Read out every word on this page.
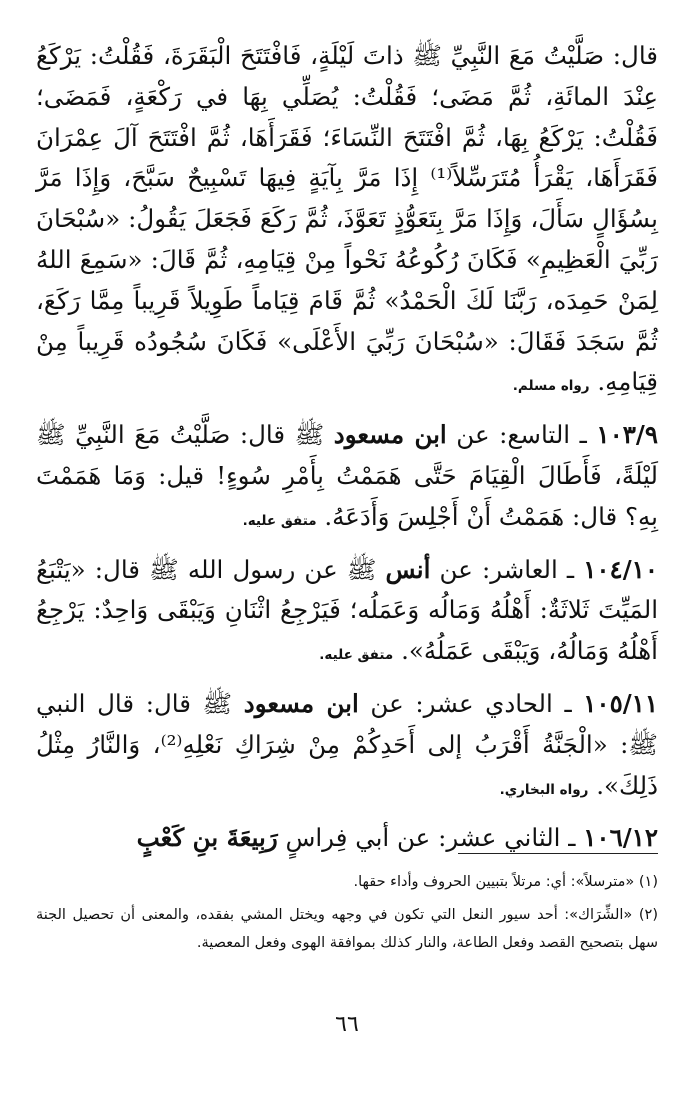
قال: صَلَّيْتُ مَعَ النَّبِيِّ ﷺ ذاتَ لَيْلَةٍ، فَافْتَتَحَ الْبَقَرَةَ، فَقُلْتُ: يَرْكَعُ عِنْدَ المائَةِ، ثُمَّ مَضَى؛ فَقُلْتُ: يُصَلِّي بِهَا في رَكْعَةٍ، فَمَضَى؛ فَقُلْتُ: يَرْكَعُ بِهَا، ثُمَّ افْتَتَحَ النِّسَاءَ؛ فَقَرَأَهَا، ثُمَّ افْتَتَحَ آلَ عِمْرَانَ فَقَرَأَهَا، يَقْرَأُ مُتَرَسِّلاً⁽¹⁾ إِذَا مَرَّ بِآيَةٍ فِيهَا تَسْبِيحٌ سَبَّحَ، وَإِذَا مَرَّ بِسُؤَالٍ سَأَلَ، وَإِذَا مَرَّ بِتَعَوُّذٍ تَعَوَّذَ، ثُمَّ رَكَعَ فَجَعَلَ يَقُولُ: «سُبْحَانَ رَبِّيَ الْعَظِيمِ» فَكَانَ رُكُوعُهُ نَحْواً مِنْ قِيَامِهِ، ثُمَّ قَالَ: «سَمِعَ اللهُ لِمَنْ حَمِدَه، رَبَّنَا لَكَ الْحَمْدُ» ثُمَّ قَامَ قِيَاماً طَوِيلاً قَرِيباً مِمَّا رَكَعَ، ثُمَّ سَجَدَ فَقَالَ: «سُبْحَانَ رَبِّيَ الأَعْلَى» فَكَانَ سُجُودُه قَرِيباً مِنْ قِيَامِهِ. رواه مسلم.

١٠٣/٩ ـ التاسع: عن ابن مسعود ﷺ قال: صَلَّيْتُ مَعَ النَّبِيِّ ﷺ لَيْلَةً، فَأَطَالَ الْقِيَامَ حَتَّى هَمَمْتُ بِأَمْرِ سُوءٍ! قيل: وَمَا هَمَمْتَ بِهِ؟ قال: هَمَمْتُ أَنْ أَجْلِسَ وَأَدَعَهُ. متفق عليه.

١٠٤/١٠ ـ العاشر: عن أنس ﷺ عن رسول الله ﷺ قال: «يَتْبَعُ المَيِّتَ ثَلاثَةٌ: أَهْلُهُ وَمَالُه وَعَمَلُه؛ فَيَرْجِعُ اثْنَانِ وَيَبْقَى وَاحِدٌ: يَرْجِعُ أَهْلُهُ وَمَالُهُ، وَيَبْقَى عَمَلُهُ». متفق عليه.

١٠٥/١١ ـ الحادي عشر: عن ابن مسعود ﷺ قال: قال النبي ﷺ: «الْجَنَّةُ أَقْرَبُ إلى أَحَدِكُمْ مِنْ شِرَاكِ نَعْلِهِ⁽²⁾، وَالنَّارُ مِثْلُ ذَلِكَ». رواه البخاري.

١٠٦/١٢ ـ الثاني عشر: عن أبي فِراسٍ رَبِيعَةَ بنِ كَعْبٍ

(١) «مترسلاً»: أي: مرتلاً بتبيين الحروف وأداء حقها.

(٢) «الشِّرَاك»: أحد سيور النعل التي تكون في وجهه ويختل المشي بفقده، والمعنى أن تحصيل الجنة سهل بتصحيح القصد وفعل الطاعة، والنار كذلك بموافقة الهوى وفعل المعصية.

٦٦
